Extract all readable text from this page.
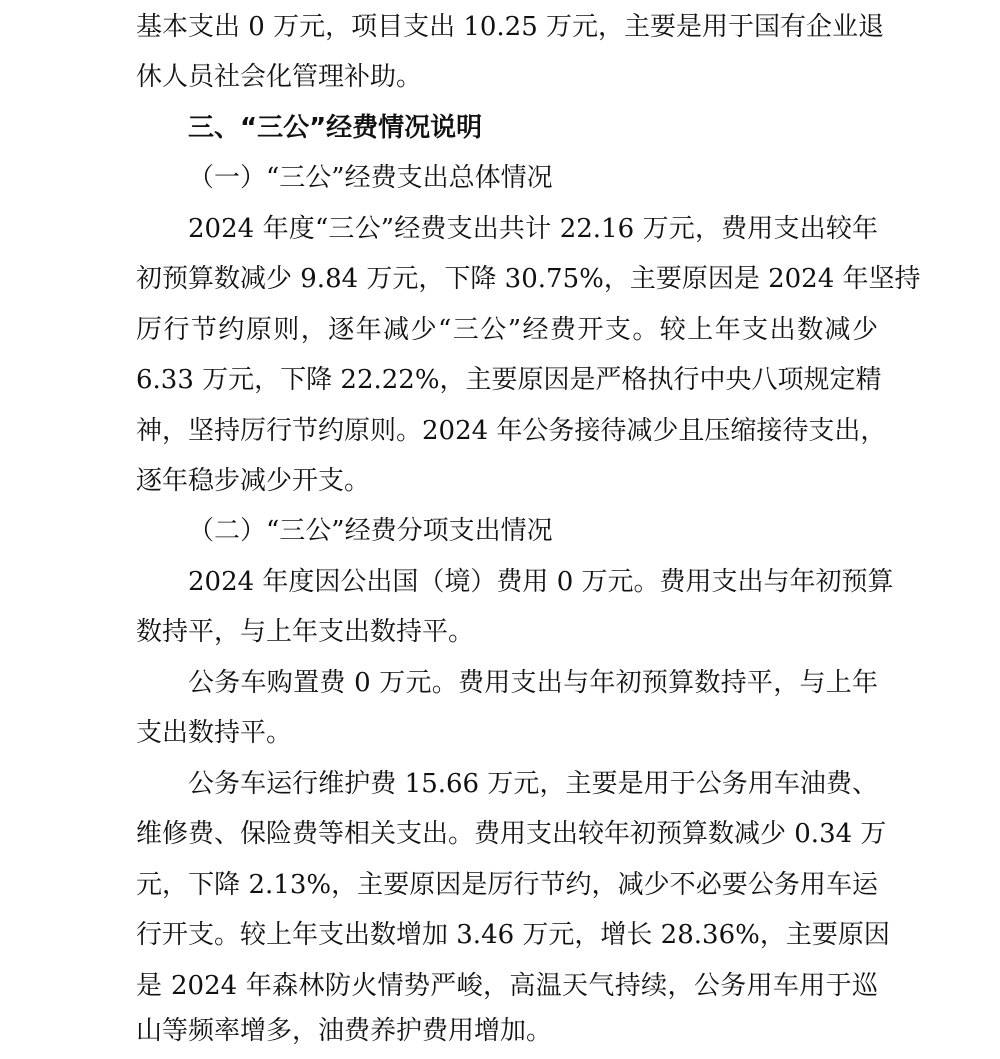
基本支出 0 万元，项目支出 10.25 万元，主要是用于国有企业退
休人员社会化管理补助。
三、“三公”经费情况说明
（一）“三公”经费支出总体情况
2024 年度“三公”经费支出共计 22.16 万元，费用支出较年
初预算数减少 9.84 万元，下降 30.75%，主要原因是 2024 年坚持
厉行节约原则，逐年减少“三公”经费开支。较上年支出数减少
6.33 万元，下降 22.22%，主要原因是严格执行中央八项规定精
神，坚持厉行节约原则。2024 年公务接待减少且压缩接待支出，
逐年稳步减少开支。
（二）“三公”经费分项支出情况
2024 年度因公出国（境）费用 0 万元。费用支出与年初预算
数持平，与上年支出数持平。
公务车购置费 0 万元。费用支出与年初预算数持平，与上年
支出数持平。
公务车运行维护费 15.66 万元，主要是用于公务用车油费、
维修费、保险费等相关支出。费用支出较年初预算数减少 0.34 万
元，下降 2.13%，主要原因是厉行节约，减少不必要公务用车运
行开支。较上年支出数增加 3.46 万元，增长 28.36%，主要原因
是 2024 年森林防火情势严峻，高温天气持续，公务用车用于巡
山等频率增多，油费养护费用增加。
